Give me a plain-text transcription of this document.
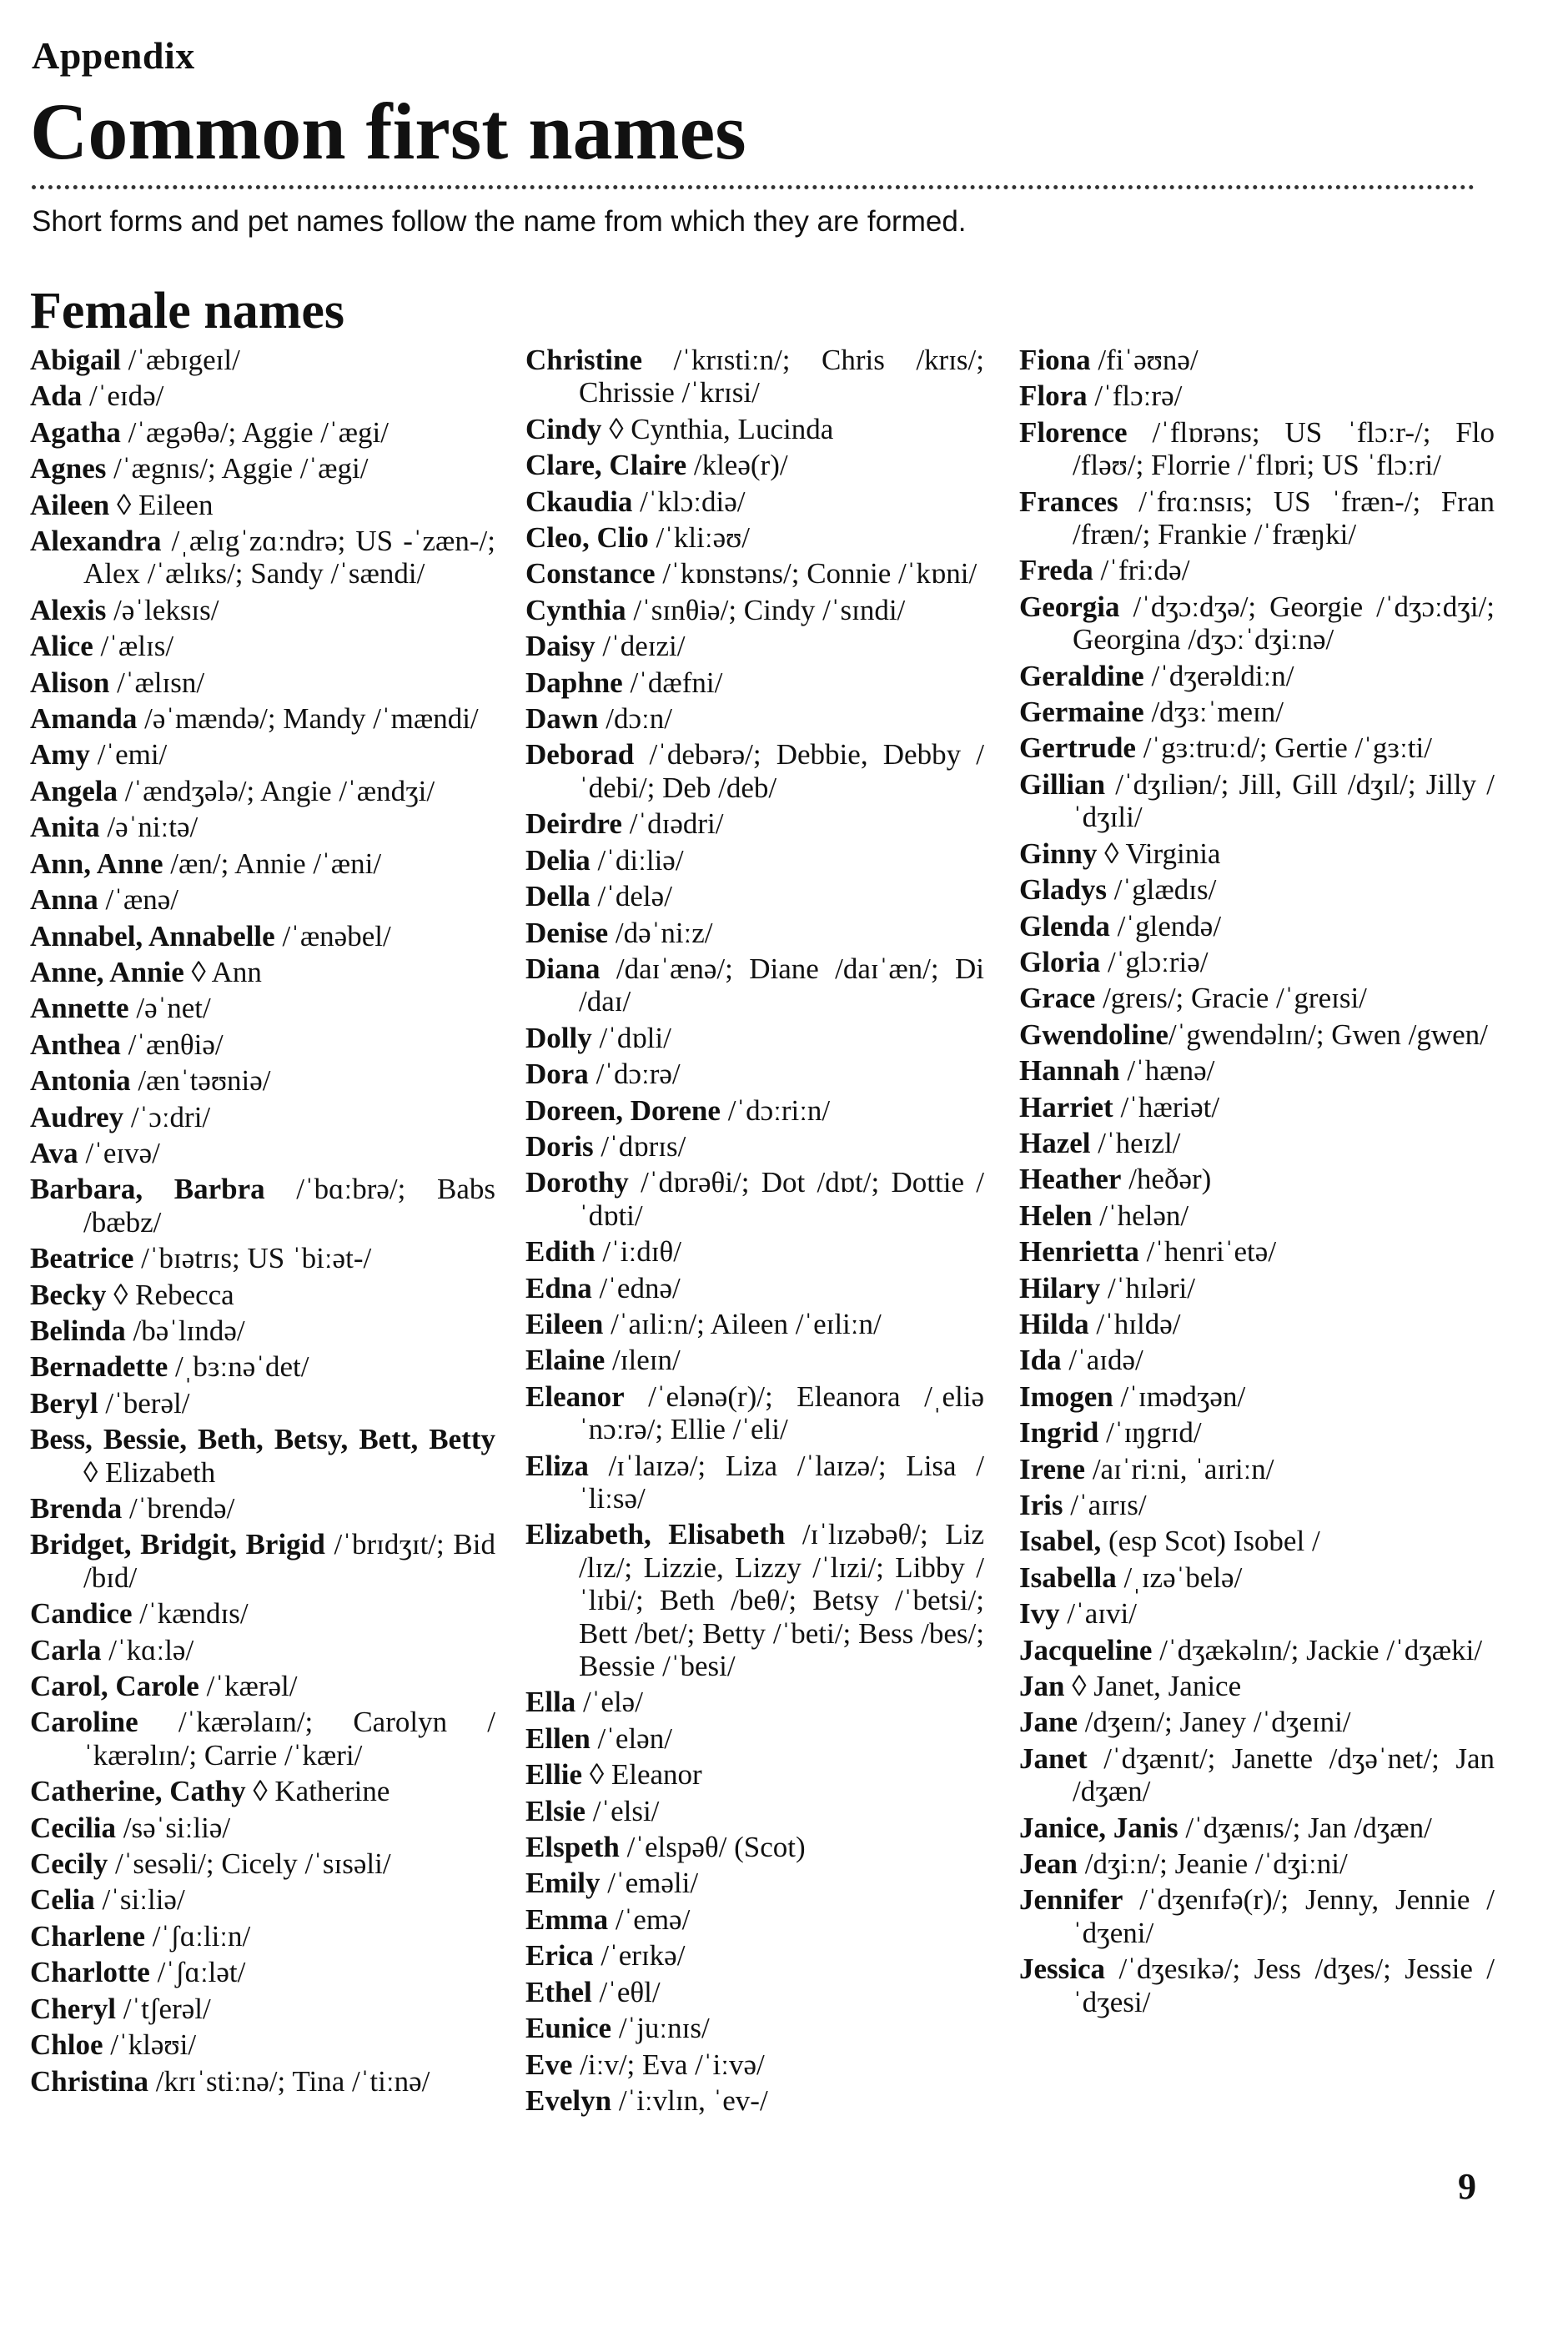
Appendix
Common first names
Short forms and pet names follow the name from which they are formed.
Female names
Abigail /ˈæbɪgeɪl/
Ada /ˈeɪdə/
Agatha /ˈægəθə/; Aggie /ˈægi/
Agnes /ˈægnɪs/; Aggie /ˈægi/
Aileen ◊ Eileen
Alexandra /ˌælɪgˈzɑːndrə; US -ˈzæn-/; Alex /ˈælɪks/; Sandy /ˈsændi/
Alexis /əˈleksɪs/
Alice /ˈælɪs/
Alison /ˈælɪsn/
Amanda /əˈmændə/; Mandy /ˈmændi/
Amy /ˈemi/
Angela /ˈændʒələ/; Angie /ˈændʒi/
Anita /əˈniːtə/
Ann, Anne /æn/; Annie /ˈæni/
Anna /ˈænə/
Annabel, Annabelle /ˈænəbel/
Anne, Annie ◊ Ann
Annette /əˈnet/
Anthea /ˈænθiə/
Antonia /ænˈtəʊniə/
Audrey /ˈɔːdri/
Ava /ˈeɪvə/
Barbara, Barbra /ˈbɑːbrə/; Babs /bæbz/
Beatrice /ˈbɪətrɪs; US ˈbiːət-/
Becky ◊ Rebecca
Belinda /bəˈlɪndə/
Bernadette /ˌbɜːnəˈdet/
Beryl /ˈberəl/
Bess, Bessie, Beth, Betsy, Bett, Betty ◊ Elizabeth
Brenda /ˈbrendə/
Bridget, Bridgit, Brigid /ˈbrɪdʒɪt/; Bid /bɪd/
Candice /ˈkændɪs/
Carla /ˈkɑːlə/
Carol, Carole /ˈkærəl/
Caroline /ˈkærəlaɪn/; Carolyn /ˈkærəlɪn/; Carrie /ˈkæri/
Catherine, Cathy ◊ Katherine
Cecilia /səˈsiːliə/
Cecily /ˈsesəli/; Cicely /ˈsɪsəli/
Celia /ˈsiːliə/
Charlene /ˈʃɑːliːn/
Charlotte /ˈʃɑːlət/
Cheryl /ˈtʃerəl/
Chloe /ˈkləʊi/
Christina /krɪˈstiːnə/; Tina /ˈtiːnə/
Christine /ˈkrɪstiːn/; Chris /krɪs/; Chrissie /ˈkrɪsi/
Cindy ◊ Cynthia, Lucinda
Clare, Claire /kleə(r)/
Ckaudia /ˈklɔːdiə/
Cleo, Clio /ˈkliːəʊ/
Constance /ˈkɒnstəns/; Connie /ˈkɒni/
Cynthia /ˈsɪnθiə/; Cindy /ˈsɪndi/
Daisy /ˈdeɪzi/
Daphne /ˈdæfni/
Dawn /dɔːn/
Deborad /ˈdebərə/; Debbie, Debby /ˈdebi/; Deb /deb/
Deirdre /ˈdɪədri/
Delia /ˈdiːliə/
Della /ˈdelə/
Denise /dəˈniːz/
Diana /daɪˈænə/; Diane /daɪˈæn/; Di /daɪ/
Dolly /ˈdɒli/
Dora /ˈdɔːrə/
Doreen, Dorene /ˈdɔːriːn/
Doris /ˈdɒrɪs/
Dorothy /ˈdɒrəθi/; Dot /dɒt/; Dottie /ˈdɒti/
Edith /ˈiːdɪθ/
Edna /ˈednə/
Eileen /ˈaɪliːn/; Aileen /ˈeɪliːn/
Elaine /ɪleɪn/
Eleanor /ˈelənə(r)/; Eleanora /ˌeliəˈnɔːrə/; Ellie /ˈeli/
Eliza /ɪˈlaɪzə/; Liza /ˈlaɪzə/; Lisa /ˈliːsə/
Elizabeth, Elisabeth /ɪˈlɪzəbəθ/; Liz /lɪz/; Lizzie, Lizzy /ˈlɪzi/; Libby /ˈlɪbi/; Beth /beθ/; Betsy /ˈbetsi/; Bett /bet/; Betty /ˈbeti/; Bess /bes/; Bessie /ˈbesi/
Ella /ˈelə/
Ellen /ˈelən/
Ellie ◊ Eleanor
Elsie /ˈelsi/
Elspeth /ˈelspəθ/ (Scot)
Emily /ˈeməli/
Emma /ˈemə/
Erica /ˈerɪkə/
Ethel /ˈeθl/
Eunice /ˈjuːnɪs/
Eve /iːv/; Eva /ˈiːvə/
Evelyn /ˈiːvlɪn, ˈev-/
Fiona /fiˈəʊnə/
Flora /ˈflɔːrə/
Florence /ˈflɒrəns; US ˈflɔːr-/; Flo /fləʊ/; Florrie /ˈflɒri; US ˈflɔːri/
Frances /ˈfrɑːnsɪs; US ˈfræn-/; Fran /fræn/; Frankie /ˈfræŋki/
Freda /ˈfriːdə/
Georgia /ˈdʒɔːdʒə/; Georgie /ˈdʒɔːdʒi/; Georgina /dʒɔːˈdʒiːnə/
Geraldine /ˈdʒerəldiːn/
Germaine /dʒɜːˈmeɪn/
Gertrude /ˈgɜːtruːd/; Gertie /ˈgɜːti/
Gillian /ˈdʒɪliən/; Jill, Gill /dʒɪl/; Jilly /ˈdʒɪli/
Ginny ◊ Virginia
Gladys /ˈglædɪs/
Glenda /ˈglendə/
Gloria /ˈglɔːriə/
Grace /greɪs/; Gracie /ˈgreɪsi/
Gwendoline/ˈgwendəlɪn/; Gwen /gwen/
Hannah /ˈhænə/
Harriet /ˈhæriət/
Hazel /ˈheɪzl/
Heather /heðər)
Helen /ˈhelən/
Henrietta /ˈhenriˈetə/
Hilary /ˈhɪləri/
Hilda /ˈhɪldə/
Ida /ˈaɪdə/
Imogen /ˈɪmədʒən/
Ingrid /ˈɪŋgrɪd/
Irene /aɪˈriːni, ˈaɪriːn/
Iris /ˈaɪrɪs/
Isabel, (esp Scot) Isobel /
Isabella /ˌɪzəˈbelə/
Ivy /ˈaɪvi/
Jacqueline /ˈdʒækəlɪn/; Jackie /ˈdʒæki/
Jan ◊ Janet, Janice
Jane /dʒeɪn/; Janey /ˈdʒeɪni/
Janet /ˈdʒænɪt/; Janette /dʒəˈnet/; Jan /dʒæn/
Janice, Janis /ˈdʒænɪs/; Jan /dʒæn/
Jean /dʒiːn/; Jeanie /ˈdʒiːni/
Jennifer /ˈdʒenɪfə(r)/; Jenny, Jennie /ˈdʒeni/
Jessica /ˈdʒesɪkə/; Jess /dʒes/; Jessie /ˈdʒesi/
9
